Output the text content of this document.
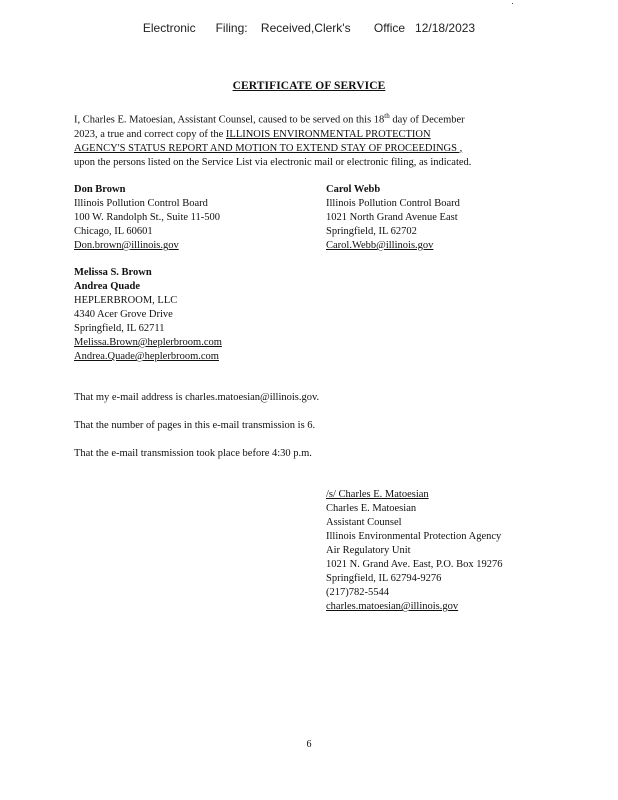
Electronic      Filing:    Received,Clerk's       Office   12/18/2023
CERTIFICATE OF SERVICE
I, Charles E. Matoesian, Assistant Counsel, caused to be served on this 18th day of December
2023, a true and correct copy of the ILLINOIS ENVIRONMENTAL PROTECTION
AGENCY'S STATUS REPORT AND MOTION TO EXTEND STAY OF PROCEEDINGS ,
upon the persons listed on the Service List via electronic mail or electronic filing, as indicated.
Don Brown
Illinois Pollution Control Board
100 W. Randolph St., Suite 11-500
Chicago, IL 60601
Don.brown@illinois.gov
Carol Webb
Illinois Pollution Control Board
1021 North Grand Avenue East
Springfield, IL 62702
Carol.Webb@illinois.gov
Melissa S. Brown
Andrea Quade
HEPLERBROOM, LLC
4340 Acer Grove Drive
Springfield, IL 62711
Melissa.Brown@heplerbroom.com
Andrea.Quade@heplerbroom.com
That my e-mail address is charles.matoesian@illinois.gov.
That the number of pages in this e-mail transmission is 6.
That the e-mail transmission took place before 4:30 p.m.
/s/ Charles E. Matoesian
Charles E. Matoesian
Assistant Counsel
Illinois Environmental Protection Agency
Air Regulatory Unit
1021 N. Grand Ave. East, P.O. Box 19276
Springfield, IL 62794-9276
(217)782-5544
charles.matoesian@illinois.gov
6
